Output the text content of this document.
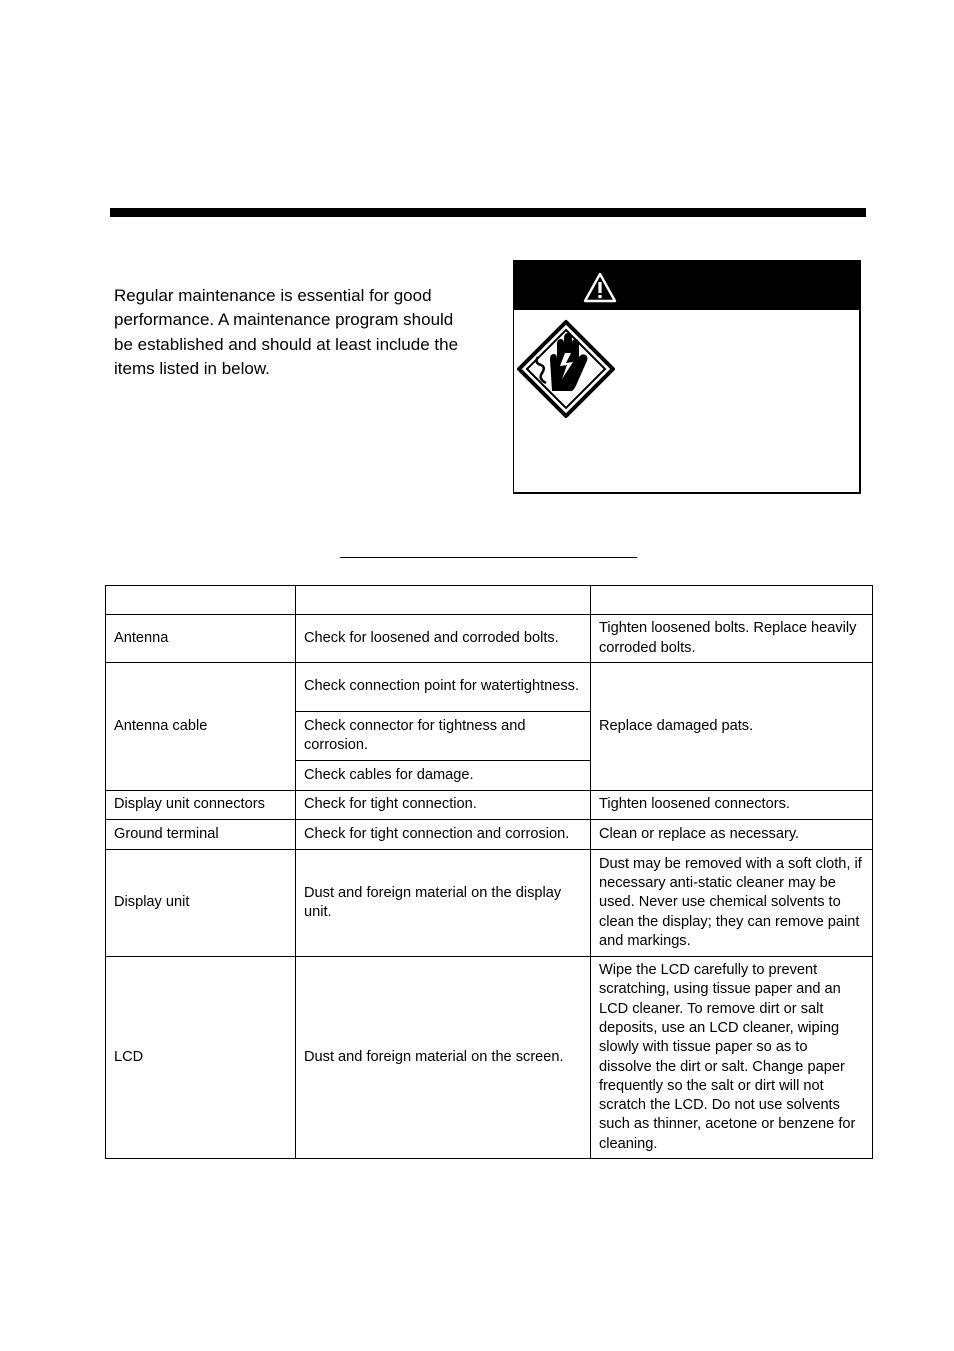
Regular maintenance is essential for good performance. A maintenance program should be established and should at least include the items listed in below.

Antenna	Check for loosened and corroded bolts.	Tighten loosened bolts. Replace heavily corroded bolts.
Antenna cable	Check connection point for watertightness.	Replace damaged pats.
	Check connector for tightness and corrosion.	
	Check cables for damage.	
Display unit connectors	Check for tight connection.	Tighten loosened connectors.
Ground terminal	Check for tight connection and corrosion.	Clean or replace as necessary.
Display unit	Dust and foreign material on the display unit.	Dust may be removed with a soft cloth, if necessary anti-static cleaner may be used. Never use chemical solvents to clean the display; they can remove paint and markings.
LCD	Dust and foreign material on the screen.	Wipe the LCD carefully to prevent scratching, using tissue paper and an LCD cleaner. To remove dirt or salt deposits, use an LCD cleaner, wiping slowly with tissue paper so as to dissolve the dirt or salt. Change paper frequently so the salt or dirt will not scratch the LCD. Do not use solvents such as thinner, acetone or benzene for cleaning.
